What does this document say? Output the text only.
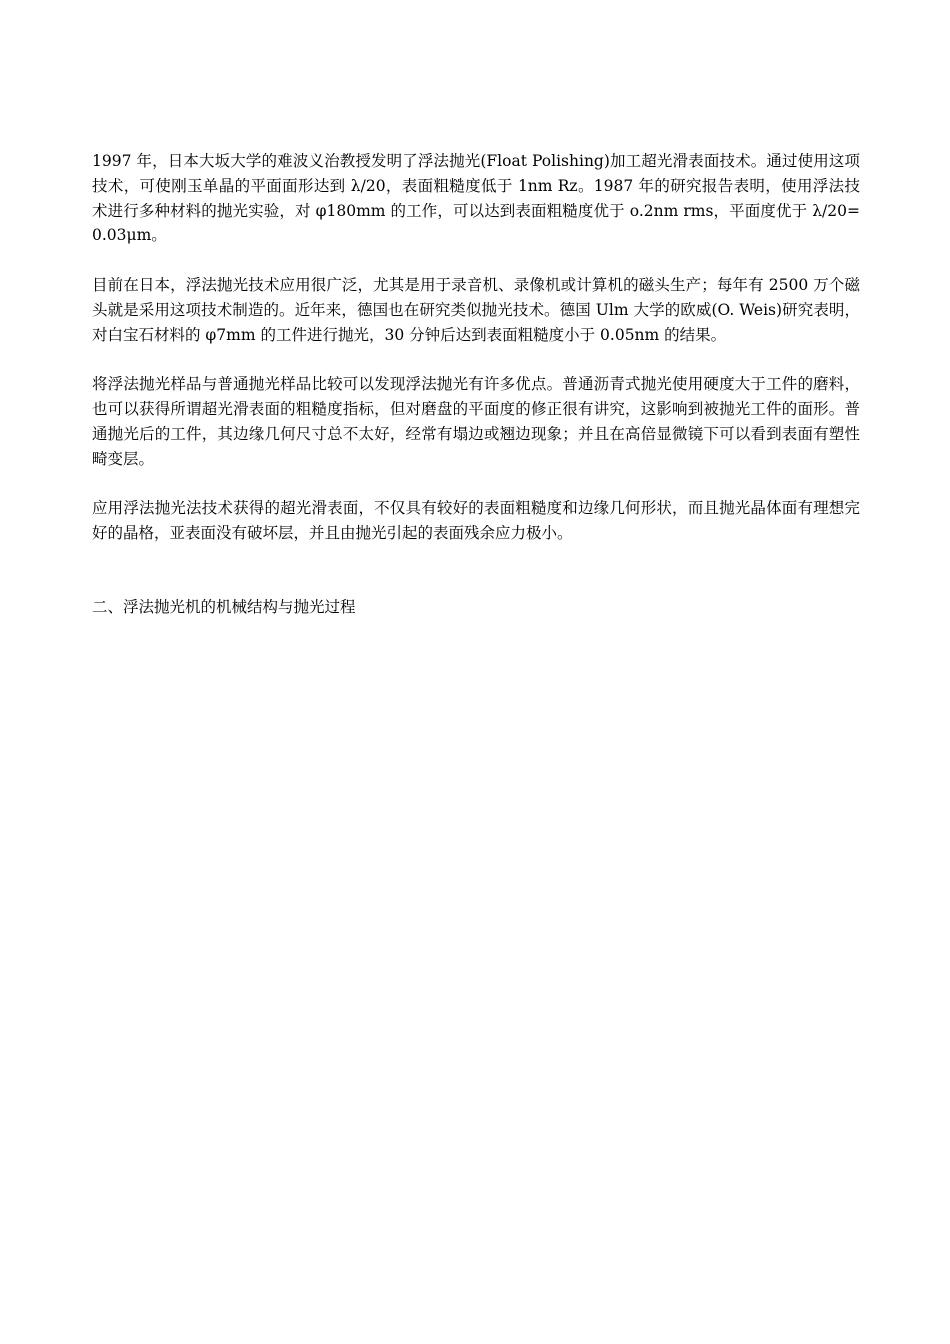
1997 年，日本大坂大学的难波义治教授发明了浮法抛光(Float Polishing)加工超光滑表面技术。通过使用这项技术，可使刚玉单晶的平面面形达到 λ/20，表面粗糙度低于 1nm Rz。1987 年的研究报告表明，使用浮法技术进行多种材料的抛光实验，对 φ180mm 的工作，可以达到表面粗糙度优于 o.2nm rms，平面度优于 λ/20=0.03μm。

目前在日本，浮法抛光技术应用很广泛，尤其是用于录音机、录像机或计算机的磁头生产；每年有 2500 万个磁头就是采用这项技术制造的。近年来，德国也在研究类似抛光技术。德国 Ulm 大学的欧威(O. Weis)研究表明，对白宝石材料的 φ7mm 的工件进行抛光，30 分钟后达到表面粗糙度小于 0.05nm 的结果。

将浮法抛光样品与普通抛光样品比较可以发现浮法抛光有许多优点。普通沥青式抛光使用硬度大于工件的磨料，也可以获得所谓超光滑表面的粗糙度指标，但对磨盘的平面度的修正很有讲究，这影响到被抛光工件的面形。普通抛光后的工件，其边缘几何尺寸总不太好，经常有塌边或翘边现象；并且在高倍显微镜下可以看到表面有塑性畸变层。

应用浮法抛光法技术获得的超光滑表面，不仅具有较好的表面粗糙度和边缘几何形状，而且抛光晶体面有理想完好的晶格，亚表面没有破坏层，并且由抛光引起的表面残余应力极小。

二、浮法抛光机的机械结构与抛光过程
